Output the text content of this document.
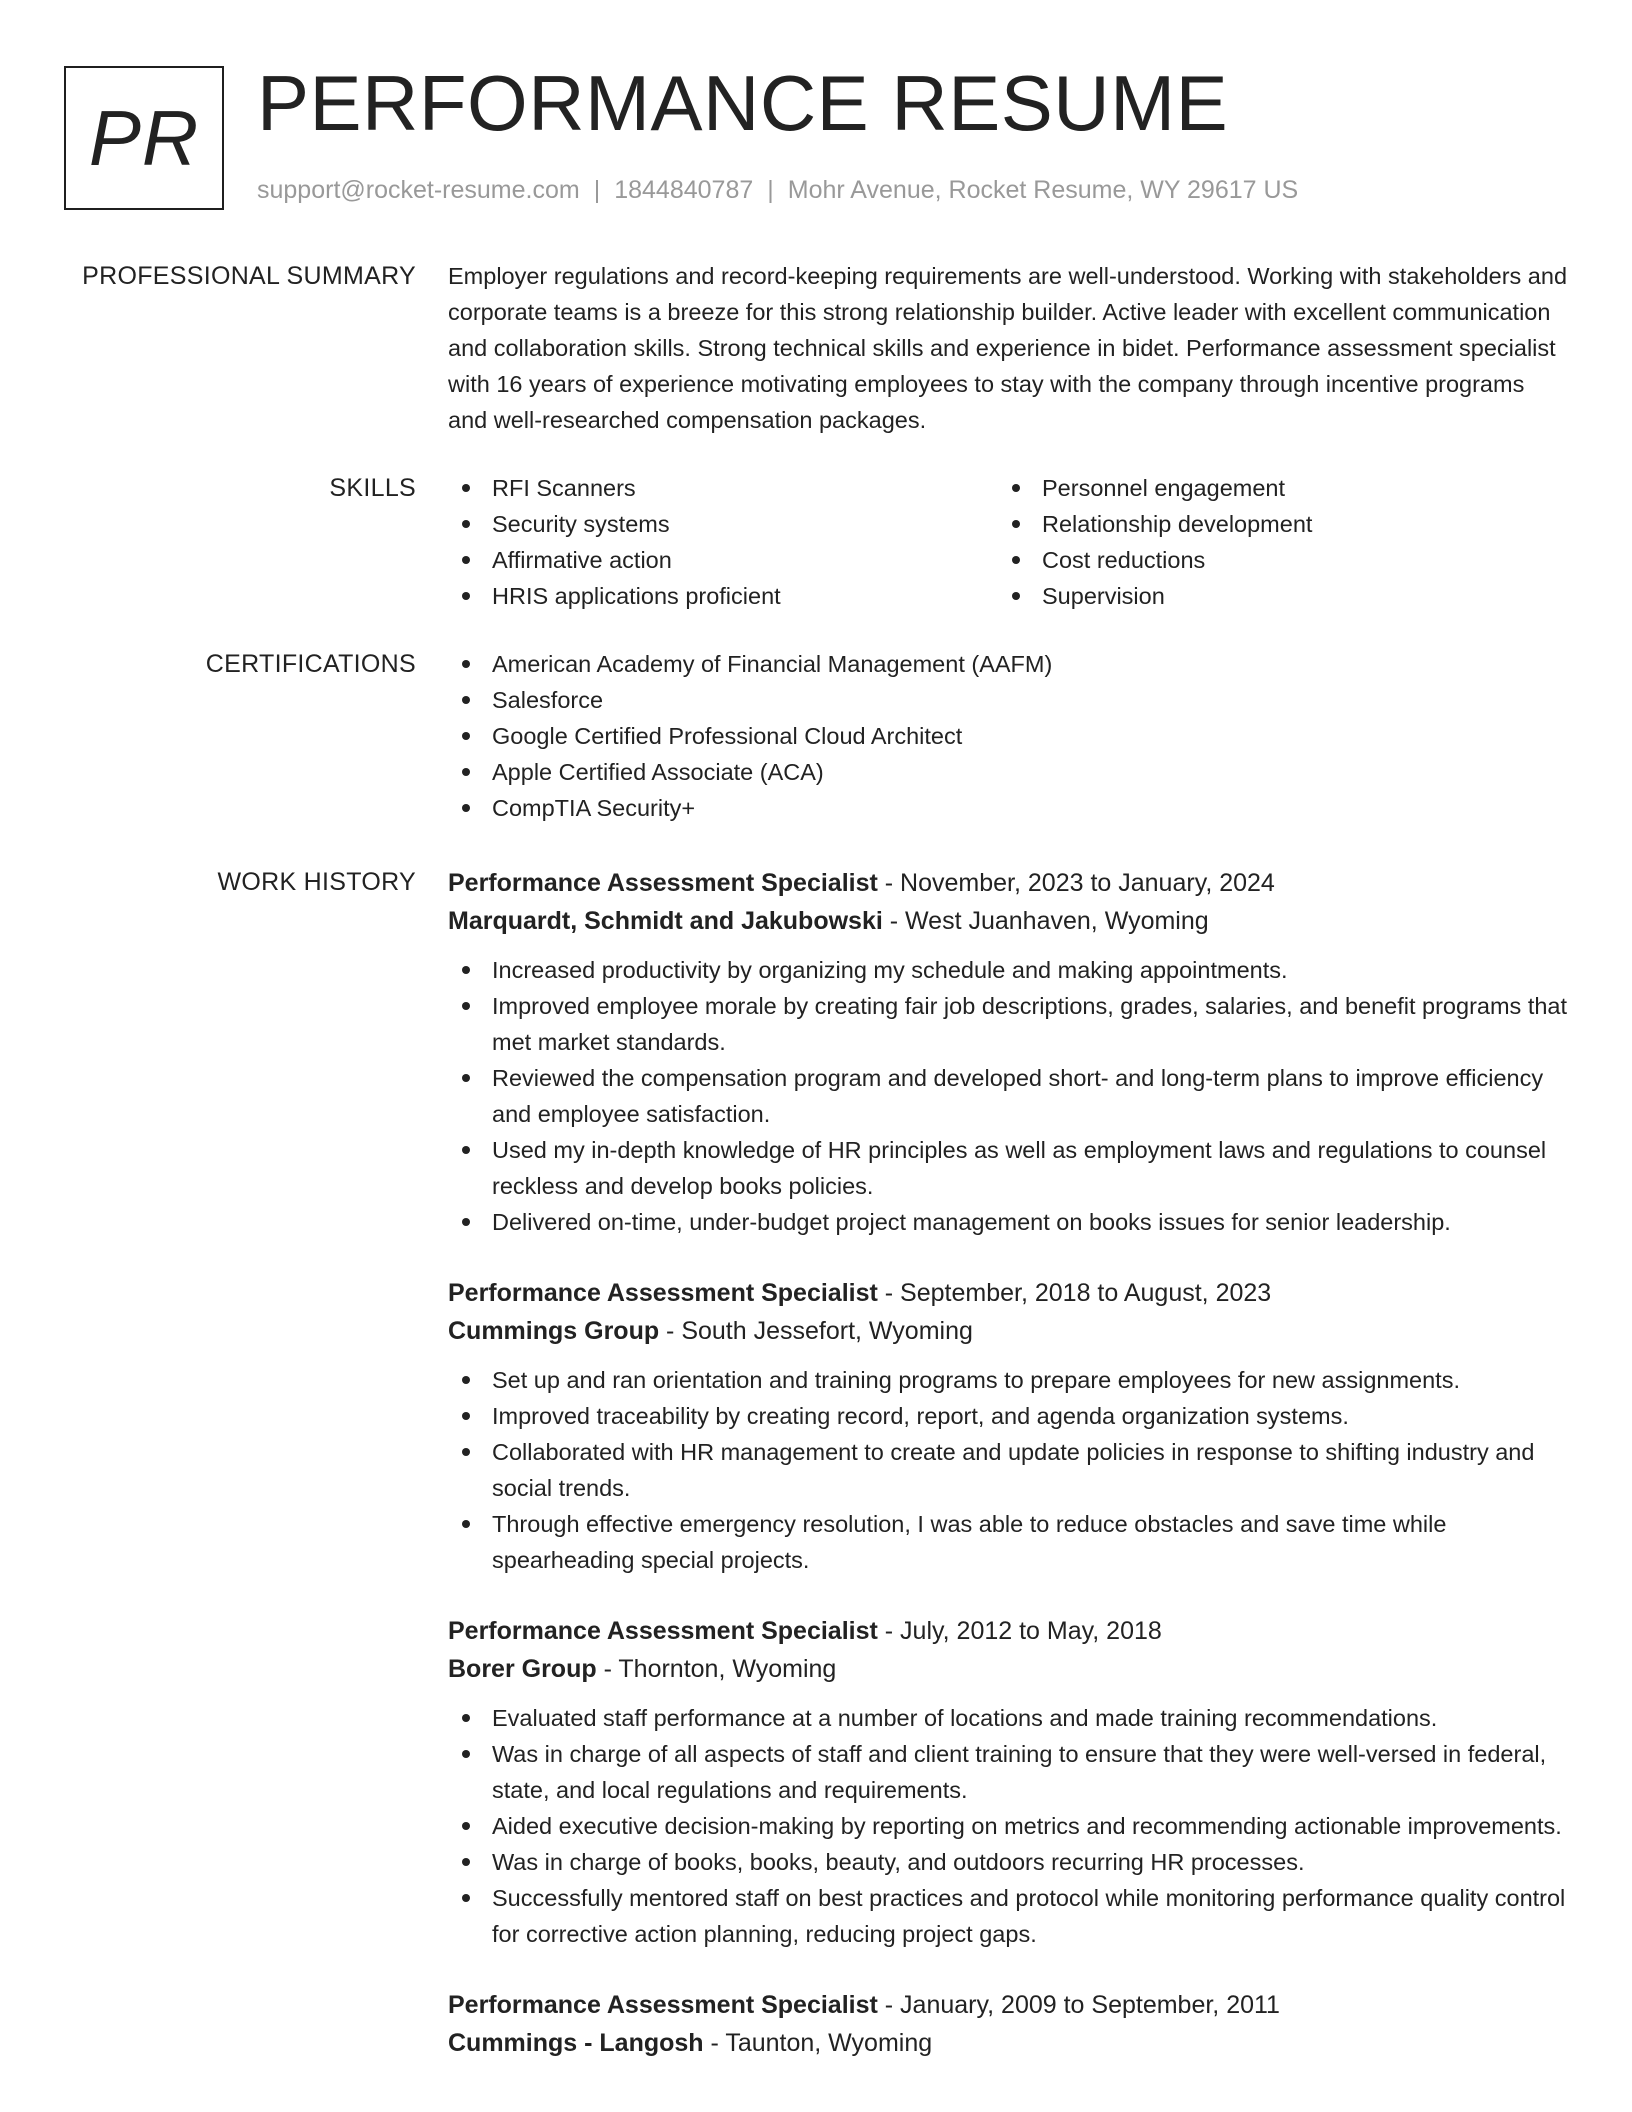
PR PERFORMANCE RESUME
support@rocket-resume.com | 1844840787 | Mohr Avenue, Rocket Resume, WY 29617 US
PROFESSIONAL SUMMARY Employer regulations and record-keeping requirements are well-understood. Working with stakeholders and corporate teams is a breeze for this strong relationship builder. Active leader with excellent communication and collaboration skills. Strong technical skills and experience in bidet. Performance assessment specialist with 16 years of experience motivating employees to stay with the company through incentive programs and well-researched compensation packages.
SKILLS	RFI Scanners
Security systems
Affirmative action
HRIS applications proficient
Personnel engagement
Relationship development
Cost reductions
Supervision
CERTIFICATIONS	American Academy of Financial Management (AAFM)
Salesforce
Google Certified Professional Cloud Architect
Apple Certified Associate (ACA)
CompTIA Security+
WORK HISTORY Performance Assessment Specialist - November, 2023 to January, 2024
Marquardt, Schmidt and Jakubowski - West Juanhaven, Wyoming
Increased productivity by organizing my schedule and making appointments.
Improved employee morale by creating fair job descriptions, grades, salaries, and benefit programs that met market standards.
Reviewed the compensation program and developed short- and long-term plans to improve efficiency and employee satisfaction.
Used my in-depth knowledge of HR principles as well as employment laws and regulations to counsel reckless and develop books policies.
Delivered on-time, under-budget project management on books issues for senior leadership.
Performance Assessment Specialist - September, 2018 to August, 2023
Cummings Group - South Jessefort, Wyoming
Set up and ran orientation and training programs to prepare employees for new assignments.
Improved traceability by creating record, report, and agenda organization systems.
Collaborated with HR management to create and update policies in response to shifting industry and social trends.
Through effective emergency resolution, I was able to reduce obstacles and save time while spearheading special projects.
Performance Assessment Specialist - July, 2012 to May, 2018
Borer Group - Thornton, Wyoming
Evaluated staff performance at a number of locations and made training recommendations.
Was in charge of all aspects of staff and client training to ensure that they were well-versed in federal, state, and local regulations and requirements.
Aided executive decision-making by reporting on metrics and recommending actionable improvements.
Was in charge of books, books, beauty, and outdoors recurring HR processes.
Successfully mentored staff on best practices and protocol while monitoring performance quality control for corrective action planning, reducing project gaps.
Performance Assessment Specialist - January, 2009 to September, 2011
Cummings - Langosh - Taunton, Wyoming
